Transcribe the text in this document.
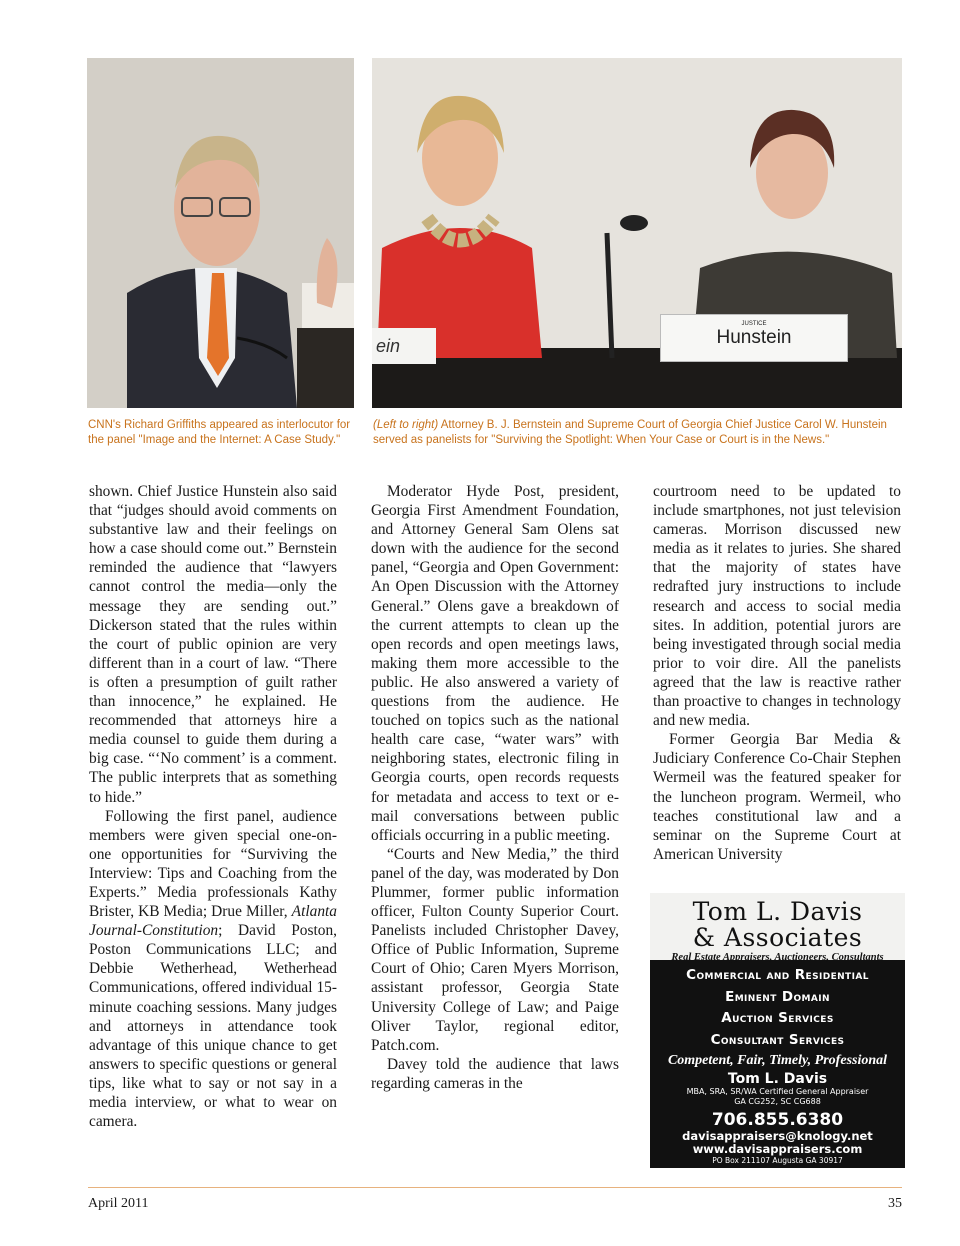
ein
JUSTICE
Hunstein
CNN's Richard Griffiths appeared as interlocutor for the panel "Image and the Internet: A Case Study."
(Left to right) Attorney B. J. Bernstein and Supreme Court of Georgia Chief Justice Carol W. Hunstein served as panelists for "Surviving the Spotlight: When Your Case or Court is in the News."

shown. Chief Justice Hunstein also said that “judges should avoid comments on substantive law and their feelings on how a case should come out.” Bernstein reminded the audience that “lawyers cannot control the media—only the message they are sending out.” Dickerson stated that the rules within the court of public opinion are very different than in a court of law. “There is often a presumption of guilt rather than innocence,” he explained. He recommended that attorneys hire a media counsel to guide them during a big case. “‘No comment’ is a comment. The public interprets that as something to hide.”

Following the first panel, audience members were given special one-on-one opportunities for “Surviving the Interview: Tips and Coaching from the Experts.” Media professionals Kathy Brister, KB Media; Drue Miller, Atlanta Journal-Constitution; David Poston, Poston Communications LLC; and Debbie Wetherhead, Wetherhead Communications, offered individual 15-minute coaching sessions. Many judges and attorneys in attendance took advantage of this unique chance to get answers to specific questions or general tips, like what to say or not say in a media interview, or what to wear on camera.

Moderator Hyde Post, president, Georgia First Amendment Foundation, and Attorney General Sam Olens sat down with the audience for the second panel, “Georgia and Open Government: An Open Discussion with the Attorney General.” Olens gave a breakdown of the current attempts to clean up the open records and open meetings laws, making them more accessible to the public. He also answered a variety of questions from the audience. He touched on topics such as the national health care case, “water wars” with neighboring states, electronic filing in Georgia courts, open records requests for metadata and access to text or e-mail conversations between public officials occurring in a public meeting.

“Courts and New Media,” the third panel of the day, was moderated by Don Plummer, former public information officer, Fulton County Superior Court. Panelists included Christopher Davey, Office of Public Information, Supreme Court of Ohio; Caren Myers Morrison, assistant professor, Georgia State University College of Law; and Paige Oliver Taylor, regional editor, Patch.com.

Davey told the audience that laws regarding cameras in the

courtroom need to be updated to include smartphones, not just television cameras. Morrison discussed new media as it relates to juries. She shared that the majority of states have redrafted jury instructions to include research and access to social media sites. In addition, potential jurors are being investigated through social media prior to voir dire. All the panelists agreed that the law is reactive rather than proactive to changes in technology and new media.

Former Georgia Bar Media & Judiciary Conference Co-Chair Stephen Wermeil was the featured speaker for the luncheon program. Wermeil, who teaches constitutional law and a seminar on the Supreme Court at American University

Tom L. Davis
& Associates
Real Estate Appraisers, Auctioneers, Consultants
Commercial and Residential
Eminent Domain
Auction Services
Consultant Services
Competent, Fair, Timely, Professional
Tom L. Davis
MBA, SRA, SR/WA Certified General Appraiser
GA CG252, SC CG688
706.855.6380
davisappraisers@knology.net
www.davisappraisers.com
PO Box 211107 Augusta GA 30917
April 2011	35
